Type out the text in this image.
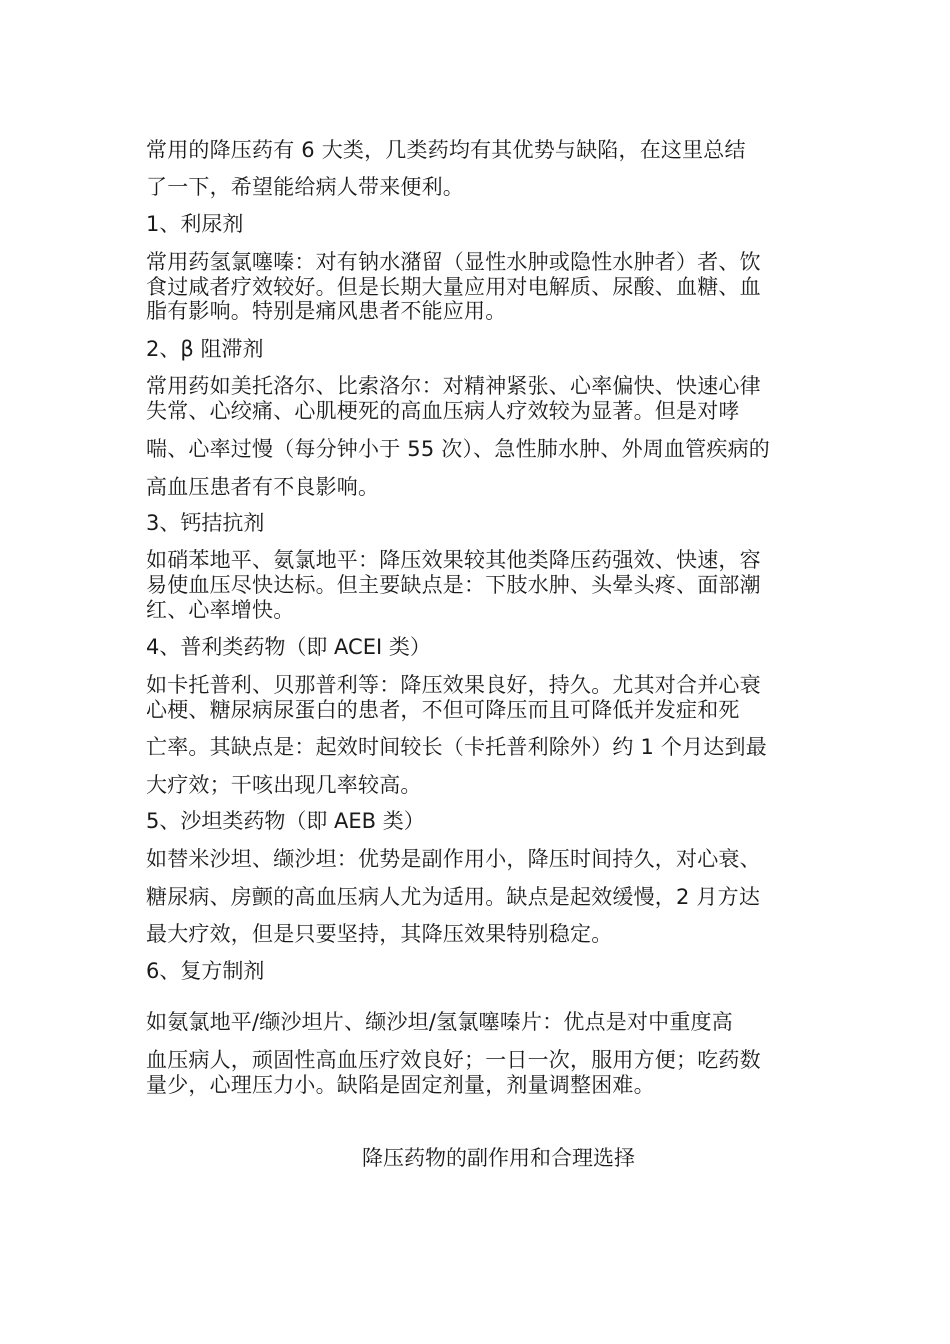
常用的降压药有 6 大类，几类药均有其优势与缺陷，在这里总结
了一下，希望能给病人带来便利。
1、利尿剂
常用药氢氯噻嗪：对有钠水潴留（显性水肿或隐性水肿者）者、饮
食过咸者疗效较好。但是长期大量应用对电解质、尿酸、血糖、血
脂有影响。特别是痛风患者不能应用。
2、β 阻滞剂
常用药如美托洛尔、比索洛尔：对精神紧张、心率偏快、快速心律
失常、心绞痛、心肌梗死的高血压病人疗效较为显著。但是对哮
喘、心率过慢（每分钟小于 55 次）、急性肺水肿、外周血管疾病的
高血压患者有不良影响。
3、钙拮抗剂
如硝苯地平、氨氯地平：降压效果较其他类降压药强效、快速，容
易使血压尽快达标。但主要缺点是：下肢水肿、头晕头疼、面部潮
红、心率增快。
4、普利类药物（即 ACEI 类）
如卡托普利、贝那普利等：降压效果良好，持久。尤其对合并心衰
心梗、糖尿病尿蛋白的患者，不但可降压而且可降低并发症和死
亡率。其缺点是：起效时间较长（卡托普利除外）约 1 个月达到最
大疗效；干咳出现几率较高。
5、沙坦类药物（即 AEB 类）
如替米沙坦、缬沙坦：优势是副作用小，降压时间持久，对心衰、
糖尿病、房颤的高血压病人尤为适用。缺点是起效缓慢，2 月方达
最大疗效，但是只要坚持，其降压效果特别稳定。
6、复方制剂
如氨氯地平/缬沙坦片、缬沙坦/氢氯噻嗪片：优点是对中重度高
血压病人，顽固性高血压疗效良好；一日一次，服用方便；吃药数
量少，心理压力小。缺陷是固定剂量，剂量调整困难。
降压药物的副作用和合理选择
